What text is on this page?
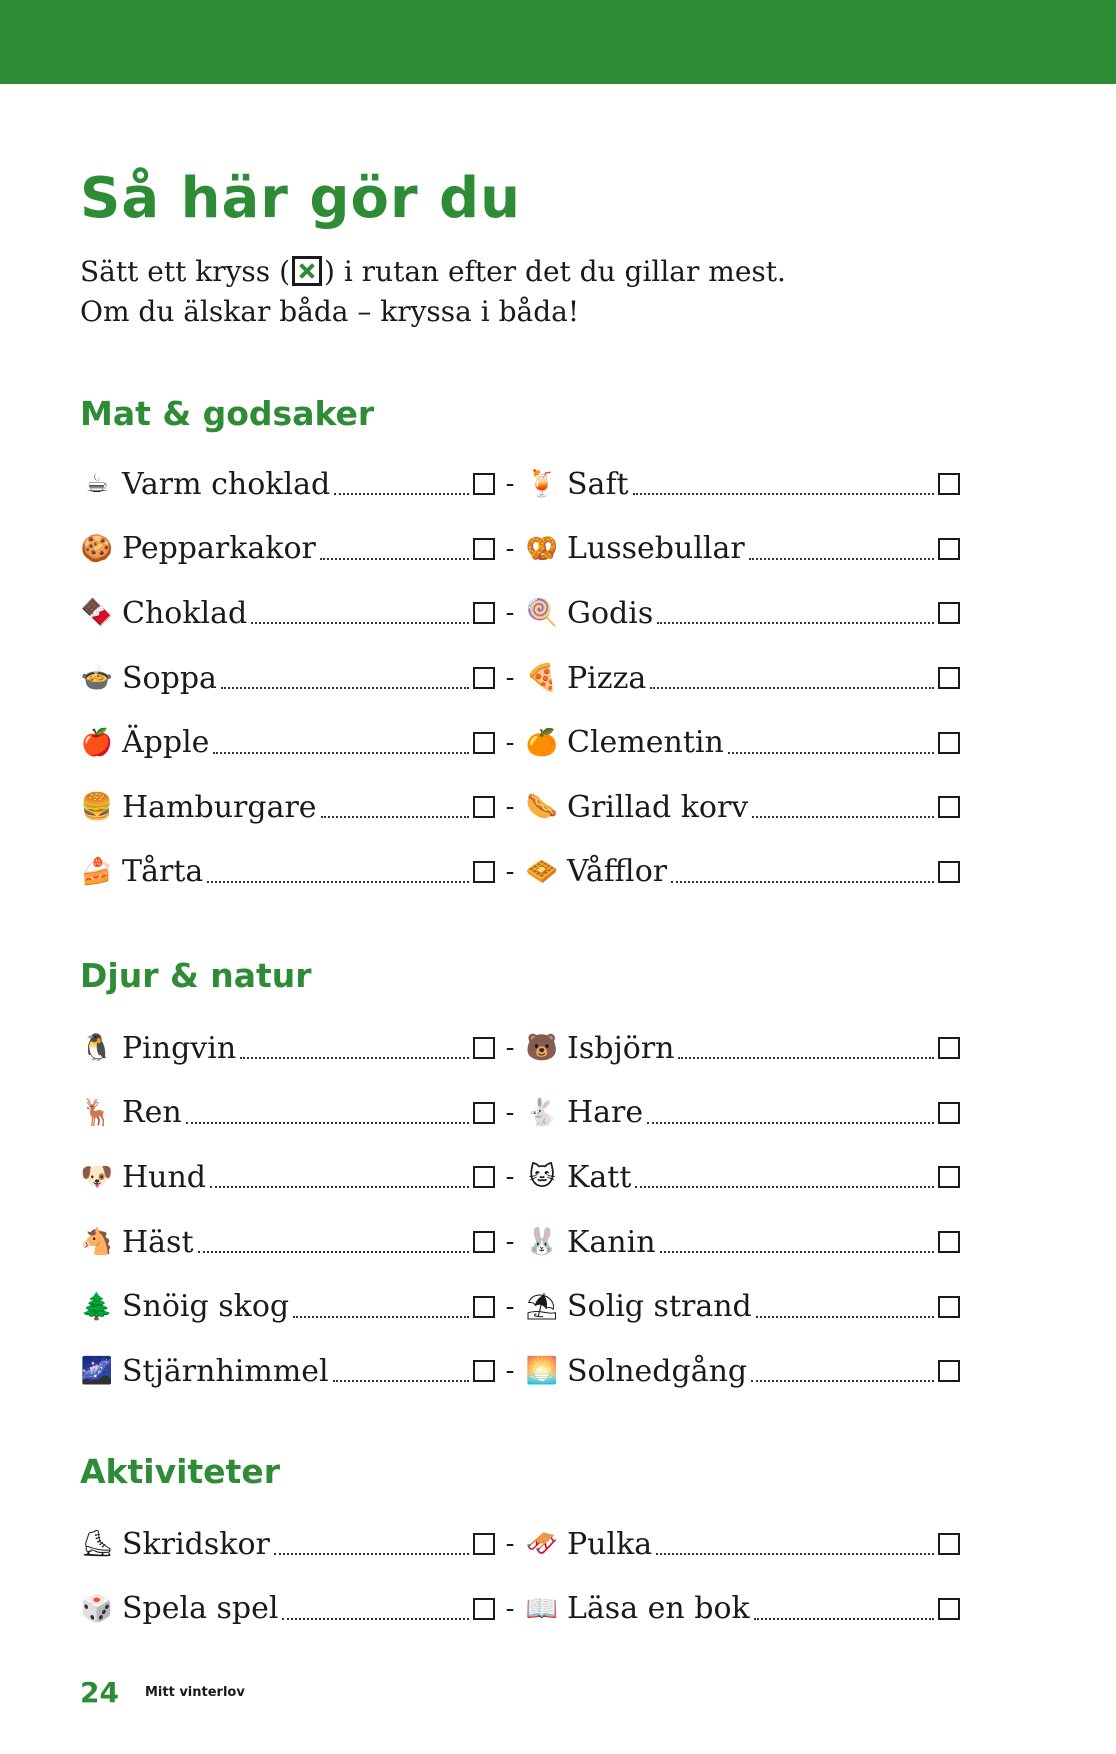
Så här gör du

Sätt ett kryss ( ) i rutan efter det du gillar mest.

Om du älskar båda – kryssa i båda!

Mat & godsaker
☕ Varm choklad	- 🍹 Saft
🍪 Pepparkakor	- 🥨 Lussebullar
🍫 Choklad	- 🍭 Godis
🍲 Soppa	- 🍕 Pizza
🍎 Äpple	- 🍊 Clementin
🍔 Hamburgare	- 🌭 Grillad korv
🍰 Tårta	- 🧇 Våfflor
Djur & natur
🐧 Pingvin	- 🐻 Isbjörn
🦌 Ren	- 🐇 Hare
🐶 Hund	- 🐱 Katt
🐴 Häst	- 🐰 Kanin
🌲 Snöig skog	- ⛱ Solig strand
🌌 Stjärnhimmel	- 🌅 Solnedgång
Aktiviteter
⛸ Skridskor	- 🛷 Pulka
🎲 Spela spel	- 📖 Läsa en bok
24 Mitt vinterlov
